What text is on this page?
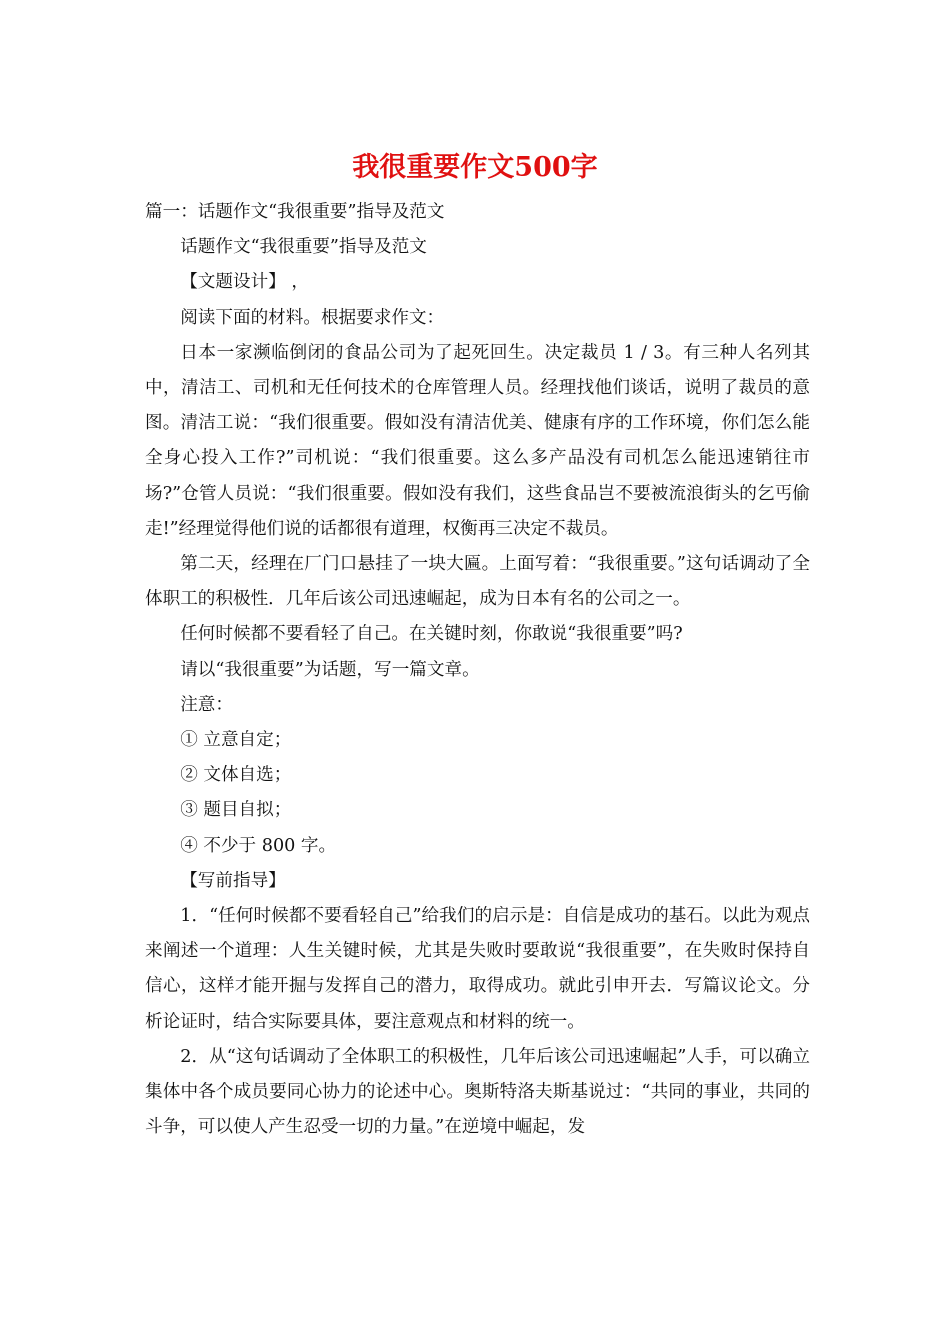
我很重要作文500字

篇一：话题作文“我很重要”指导及范文

话题作文“我很重要”指导及范文

【文题设计】 ，

阅读下面的材料。根据要求作文：

日本一家濒临倒闭的食品公司为了起死回生。决定裁员 1 / 3。有三种人名列其中，清洁工、司机和无任何技术的仓库管理人员。经理找他们谈话，说明了裁员的意图。清洁工说：“我们很重要。假如没有清洁优美、健康有序的工作环境，你们怎么能全身心投入工作?”司机说：“我们很重要。这么多产品没有司机怎么能迅速销往市场?”仓管人员说：“我们很重要。假如没有我们，这些食品岂不要被流浪街头的乞丐偷走!”经理觉得他们说的话都很有道理，权衡再三决定不裁员。

第二天，经理在厂门口悬挂了一块大匾。上面写着：“我很重要。”这句话调动了全体职工的积极性．几年后该公司迅速崛起，成为日本有名的公司之一。

任何时候都不要看轻了自己。在关键时刻，你敢说“我很重要”吗?

请以“我很重要”为话题，写一篇文章。

注意：

① 立意自定；

② 文体自选；

③ 题目自拟；

④ 不少于 800 字。

【写前指导】

1．“任何时候都不要看轻自己”给我们的启示是：自信是成功的基石。以此为观点来阐述一个道理：人生关键时候，尤其是失败时要敢说“我很重要”，在失败时保持自信心，这样才能开掘与发挥自己的潜力，取得成功。就此引申开去．写篇议论文。分析论证时，结合实际要具体，要注意观点和材料的统一。

2．从“这句话调动了全体职工的积极性，几年后该公司迅速崛起”人手，可以确立集体中各个成员要同心协力的论述中心。奥斯特洛夫斯基说过：“共同的事业，共同的斗争，可以使人产生忍受一切的力量。”在逆境中崛起，发
